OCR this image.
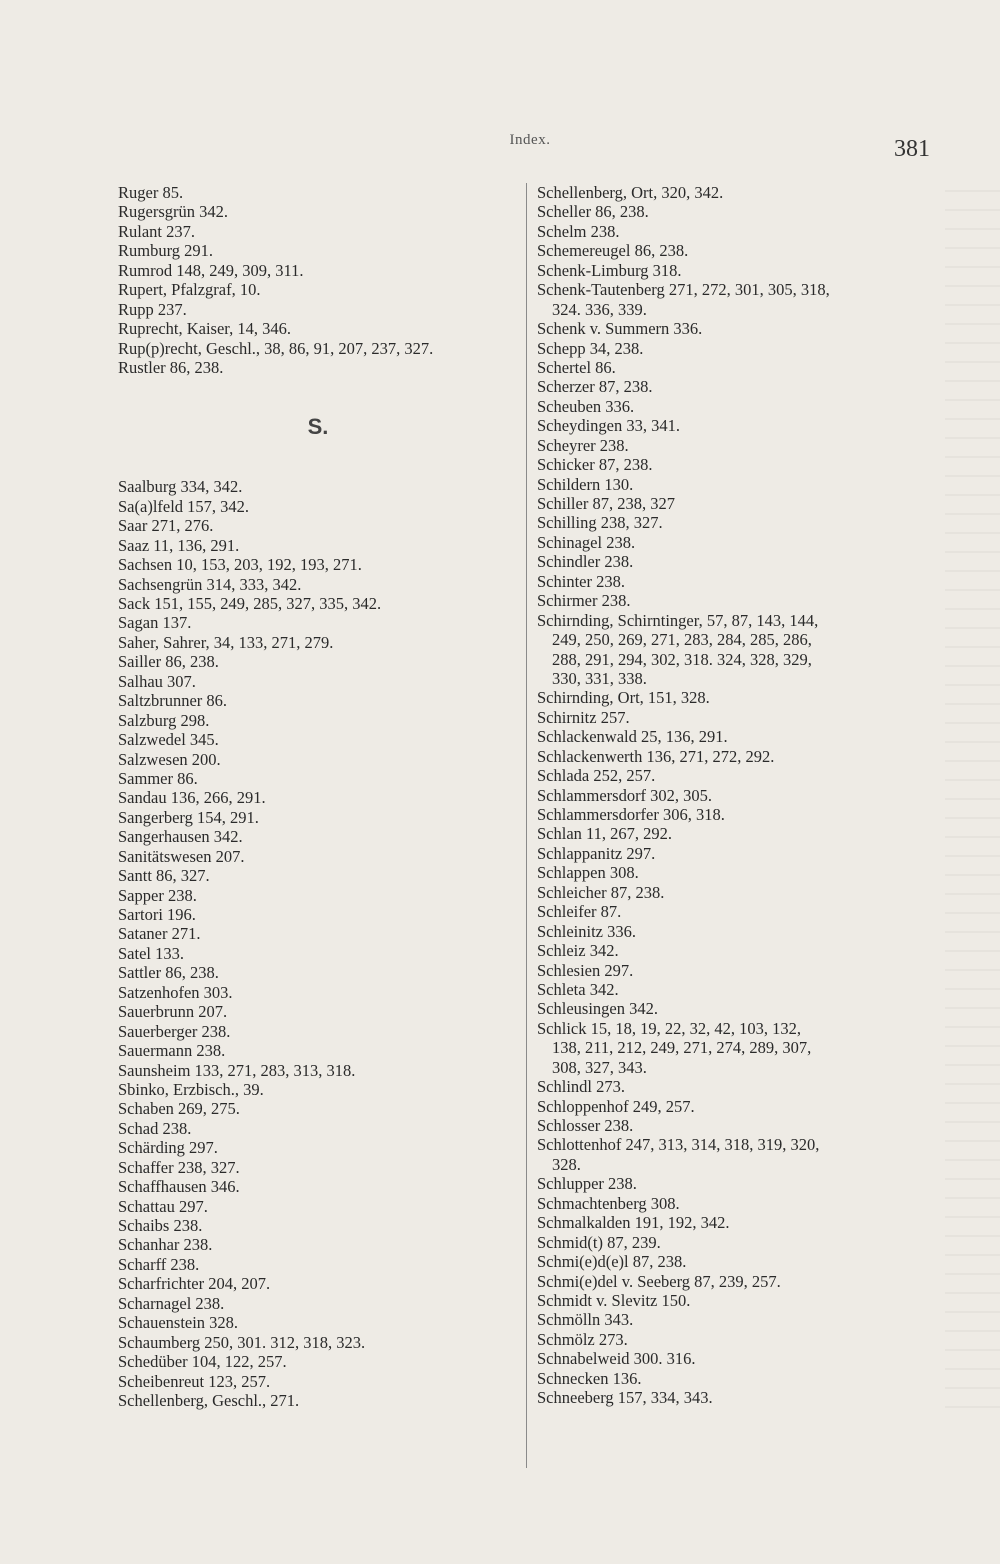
Index.	381
Ruger 85.
Rugersgrün 342.
Rulant 237.
Rumburg 291.
Rumrod 148, 249, 309, 311.
Rupert, Pfalzgraf, 10.
Rupp 237.
Ruprecht, Kaiser, 14, 346.
Rup(p)recht, Geschl., 38, 86, 91, 207, 237, 327.
Rustler 86, 238.
S.
Saalburg 334, 342.
Sa(a)lfeld 157, 342.
Saar 271, 276.
Saaz 11, 136, 291.
Sachsen 10, 153, 203, 192, 193, 271.
Sachsengrün 314, 333, 342.
Sack 151, 155, 249, 285, 327, 335, 342.
Sagan 137.
Saher, Sahrer, 34, 133, 271, 279.
Sailler 86, 238.
Salhau 307.
Saltzbrunner 86.
Salzburg 298.
Salzwedel 345.
Salzwesen 200.
Sammer 86.
Sandau 136, 266, 291.
Sangerberg 154, 291.
Sangerhausen 342.
Sanitätswesen 207.
Santt 86, 327.
Sapper 238.
Sartori 196.
Sataner 271.
Satel 133.
Sattler 86, 238.
Satzenhofen 303.
Sauerbrunn 207.
Sauerberger 238.
Sauermann 238.
Saunsheim 133, 271, 283, 313, 318.
Sbinko, Erzbisch., 39.
Schaben 269, 275.
Schad 238.
Schärding 297.
Schaffer 238, 327.
Schaffhausen 346.
Schattau 297.
Schaibs 238.
Schanhar 238.
Scharff 238.
Scharfrichter 204, 207.
Scharnagel 238.
Schauenstein 328.
Schaumberg 250, 301. 312, 318, 323.
Schedüber 104, 122, 257.
Scheibenreut 123, 257.
Schellenberg, Geschl., 271.
Schellenberg, Ort, 320, 342.
Scheller 86, 238.
Schelm 238.
Schemereugel 86, 238.
Schenk-Limburg 318.
Schenk-Tautenberg 271, 272, 301, 305, 318,
324. 336, 339.
Schenk v. Summern 336.
Schepp 34, 238.
Schertel 86.
Scherzer 87, 238.
Scheuben 336.
Scheydingen 33, 341.
Scheyrer 238.
Schicker 87, 238.
Schildern 130.
Schiller 87, 238, 327
Schilling 238, 327.
Schinagel 238.
Schindler 238.
Schinter 238.
Schirmer 238.
Schirnding, Schirntinger, 57, 87, 143, 144,
249, 250, 269, 271, 283, 284, 285, 286,
288, 291, 294, 302, 318. 324, 328, 329,
330, 331, 338.
Schirnding, Ort, 151, 328.
Schirnitz 257.
Schlackenwald 25, 136, 291.
Schlackenwerth 136, 271, 272, 292.
Schlada 252, 257.
Schlammersdorf 302, 305.
Schlammersdorfer 306, 318.
Schlan 11, 267, 292.
Schlappanitz 297.
Schlappen 308.
Schleicher 87, 238.
Schleifer 87.
Schleinitz 336.
Schleiz 342.
Schlesien 297.
Schleta 342.
Schleusingen 342.
Schlick 15, 18, 19, 22, 32, 42, 103, 132,
138, 211, 212, 249, 271, 274, 289, 307,
308, 327, 343.
Schlindl 273.
Schloppenhof 249, 257.
Schlosser 238.
Schlottenhof 247, 313, 314, 318, 319, 320,
328.
Schlupper 238.
Schmachtenberg 308.
Schmalkalden 191, 192, 342.
Schmid(t) 87, 239.
Schmi(e)d(e)l 87, 238.
Schmi(e)del v. Seeberg 87, 239, 257.
Schmidt v. Slevitz 150.
Schmölln 343.
Schmölz 273.
Schnabelweid 300. 316.
Schnecken 136.
Schneeberg 157, 334, 343.
